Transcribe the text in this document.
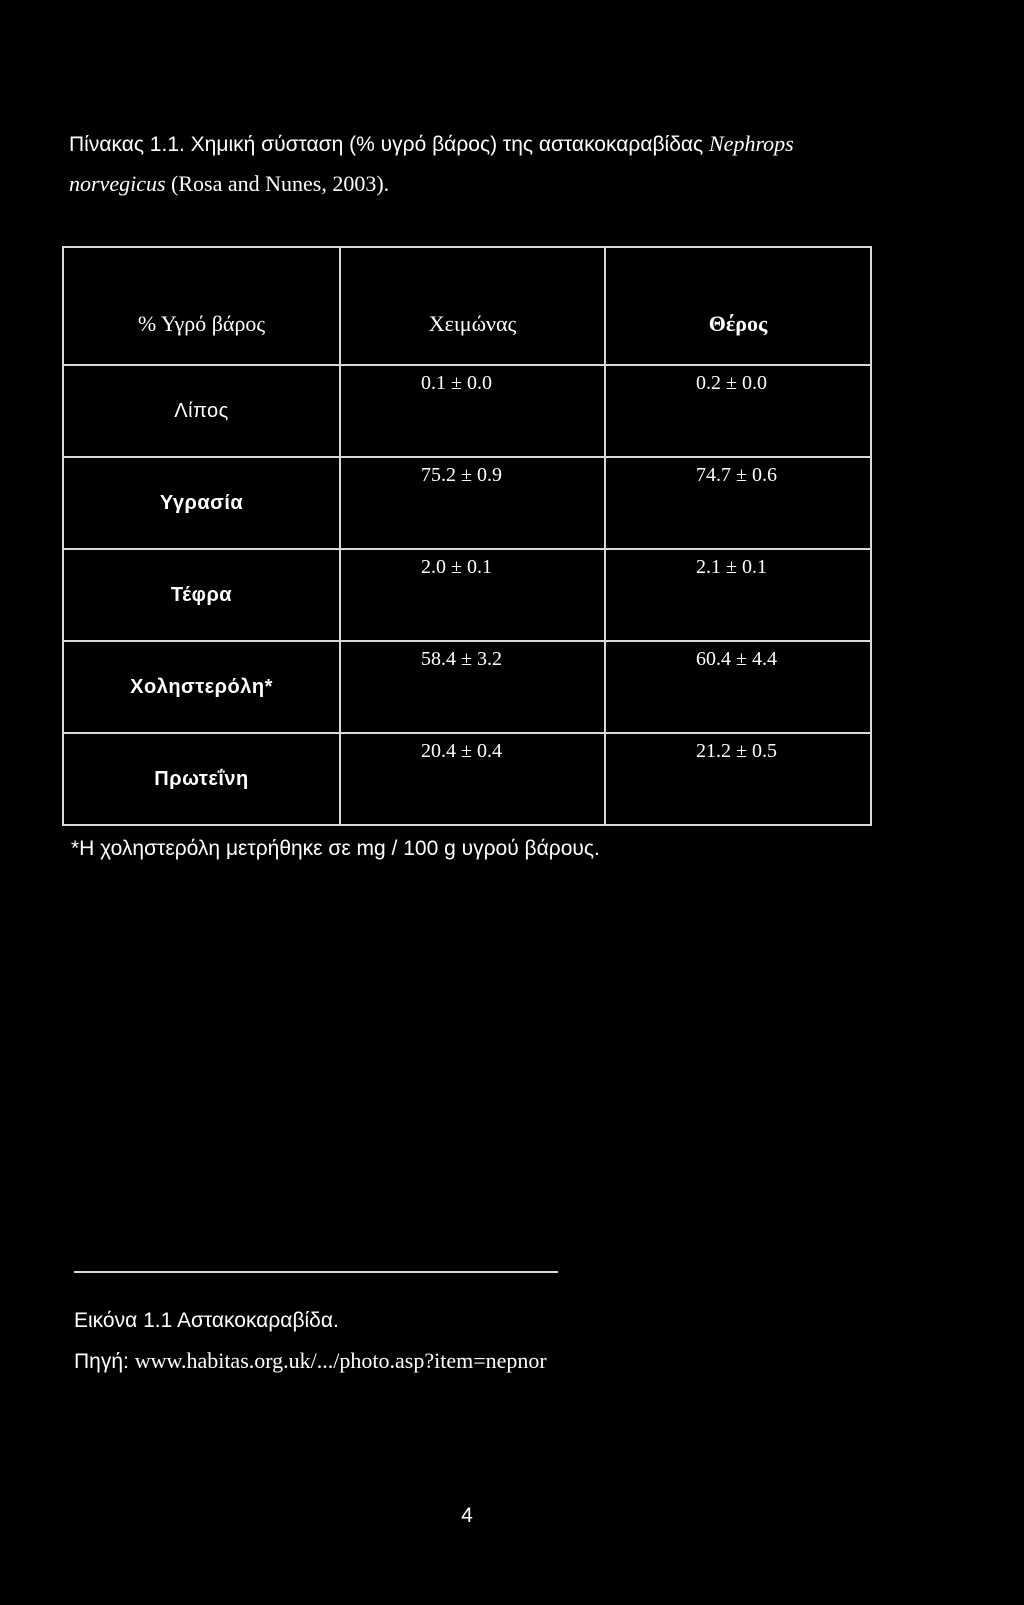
Πίνακας 1.1. Χημική σύσταση (% υγρό βάρος) της αστακοκαραβίδας Nephrops
norvegicus (Rosa and Nunes, 2003).
% Υγρό βάρος	Χειμώνας	Θέρος
Λίπος	0.1 ± 0.0	0.2 ± 0.0
Υγρασία	75.2 ± 0.9	74.7 ± 0.6
Τέφρα	2.0 ± 0.1	2.1 ± 0.1
Χοληστερόλη*	58.4 ± 3.2	60.4 ± 4.4
Πρωτεΐνη	20.4 ± 0.4	21.2 ± 0.5
*Η χοληστερόλη μετρήθηκε σε mg / 100 g υγρού βάρους.
Εικόνα 1.1 Αστακοκαραβίδα.
Πηγή: www.habitas.org.uk/.../photo.asp?item=nepnor
4
